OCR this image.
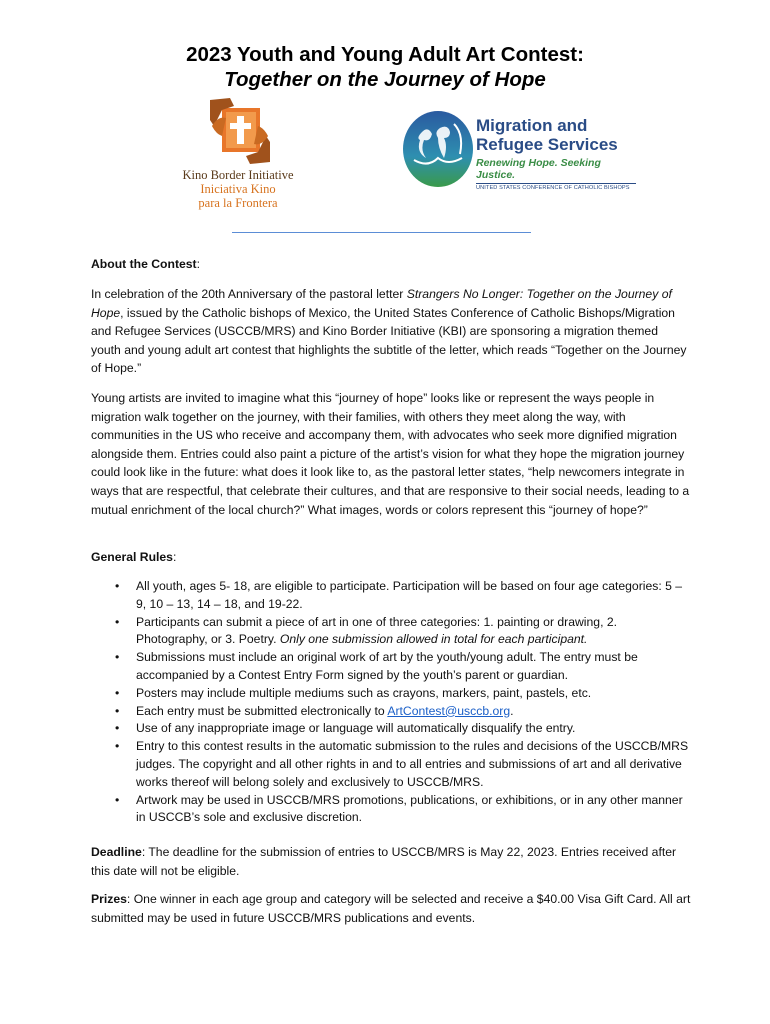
2023 Youth and Young Adult Art Contest:
Together on the Journey of Hope
Kino Border Initiative
Iniciativa Kino
para la Frontera
Migration and
Refugee Services
Renewing Hope. Seeking Justice.
UNITED STATES CONFERENCE OF CATHOLIC BISHOPS
About the Contest:

In celebration of the 20th Anniversary of the pastoral letter Strangers No Longer: Together on the Journey of Hope, issued by the Catholic bishops of Mexico, the United States Conference of Catholic Bishops/Migration and Refugee Services (USCCB/MRS) and Kino Border Initiative (KBI) are sponsoring a migration themed youth and young adult art contest that highlights the subtitle of the letter, which reads “Together on the Journey of Hope.”

Young artists are invited to imagine what this “journey of hope” looks like or represent the ways people in migration walk together on the journey, with their families, with others they meet along the way, with communities in the US who receive and accompany them, with advocates who seek more dignified migration alongside them. Entries could also paint a picture of the artist’s vision for what they hope the migration journey could look like in the future: what does it look like to, as the pastoral letter states, “help newcomers integrate in ways that are respectful, that celebrate their cultures, and that are responsive to their social needs, leading to a mutual enrichment of the local church?” What images, words or colors represent this “journey of hope?”

General Rules:
• All youth, ages 5- 18, are eligible to participate. Participation will be based on four age categories: 5 – 9, 10 – 13, 14 – 18, and 19-22.
• Participants can submit a piece of art in one of three categories: 1. painting or drawing, 2. Photography, or 3. Poetry. Only one submission allowed in total for each participant.
• Submissions must include an original work of art by the youth/young adult. The entry must be accompanied by a Contest Entry Form signed by the youth’s parent or guardian.
• Posters may include multiple mediums such as crayons, markers, paint, pastels, etc.
• Each entry must be submitted electronically to ArtContest@usccb.org.
• Use of any inappropriate image or language will automatically disqualify the entry.
• Entry to this contest results in the automatic submission to the rules and decisions of the USCCB/MRS judges. The copyright and all other rights in and to all entries and submissions of art and all derivative works thereof will belong solely and exclusively to USCCB/MRS.
• Artwork may be used in USCCB/MRS promotions, publications, or exhibitions, or in any other manner in USCCB’s sole and exclusive discretion.

Deadline: The deadline for the submission of entries to USCCB/MRS is May 22, 2023. Entries received after this date will not be eligible.

Prizes: One winner in each age group and category will be selected and receive a $40.00 Visa Gift Card. All art submitted may be used in future USCCB/MRS publications and events.
